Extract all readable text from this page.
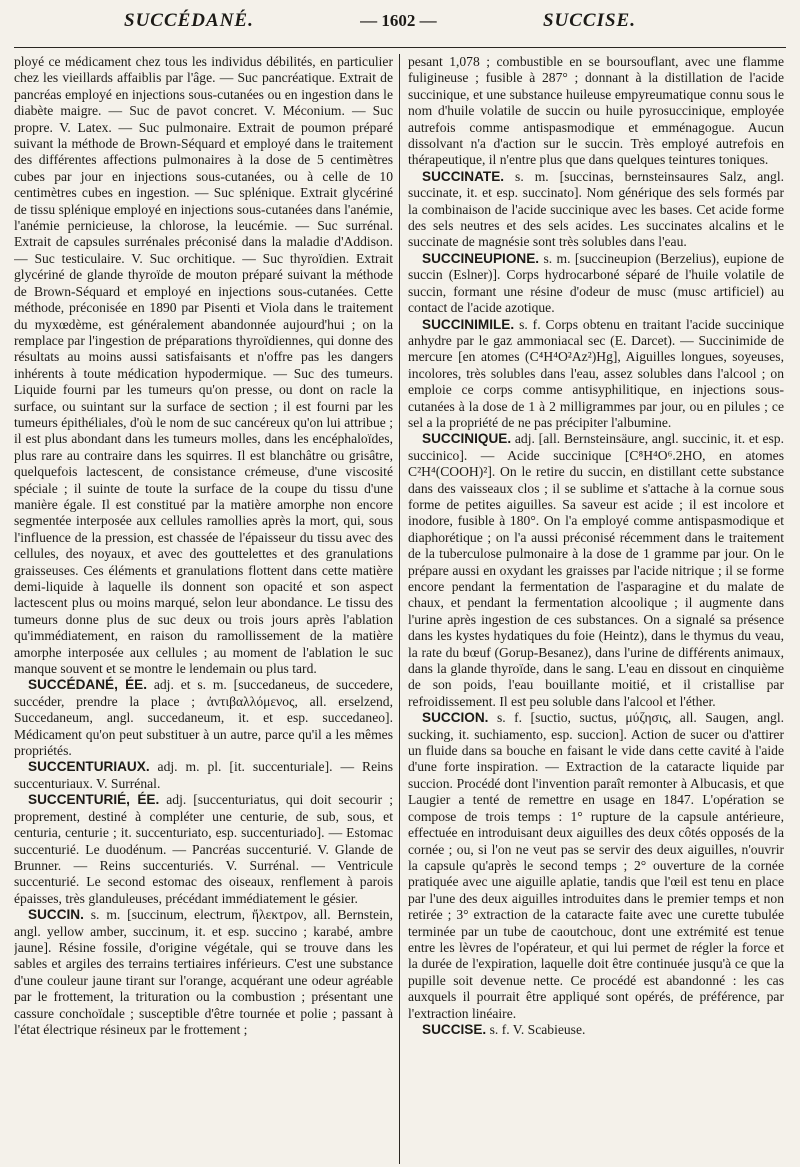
SUCCÉDANÉ.	— 1602 —	SUCCISE.

ployé ce médicament chez tous les individus débilités, en particulier chez les vieillards affaiblis par l'âge. — Suc pancréatique. Extrait de pancréas employé en injections sous-cutanées ou en ingestion dans le diabète maigre. — Suc de pavot concret. V. Méconium. — Suc propre. V. Latex. — Suc pulmonaire. Extrait de poumon préparé suivant la méthode de Brown-Séquard et employé dans le traitement des différentes affections pulmonaires à la dose de 5 centimètres cubes par jour en injections sous-cutanées, ou à celle de 10 centimètres cubes en ingestion. — Suc splénique. Extrait glycériné de tissu splénique employé en injections sous-cutanées dans l'anémie, l'anémie pernicieuse, la chlorose, la leucémie. — Suc surrénal. Extrait de capsules surrénales préconisé dans la maladie d'Addison. — Suc testiculaire. V. Suc orchitique. — Suc thyroïdien. Extrait glycériné de glande thyroïde de mouton préparé suivant la méthode de Brown-Séquard et employé en injections sous-cutanées. Cette méthode, préconisée en 1890 par Pisenti et Viola dans le traitement du myxœdème, est généralement abandonnée aujourd'hui ; on la remplace par l'ingestion de préparations thyroïdiennes, qui donne des résultats au moins aussi satisfaisants et n'offre pas les dangers inhérents à toute médication hypodermique. — Suc des tumeurs. Liquide fourni par les tumeurs qu'on presse, ou dont on racle la surface, ou suintant sur la surface de section ; il est fourni par les tumeurs épithéliales, d'où le nom de suc cancéreux qu'on lui attribue ; il est plus abondant dans les tumeurs molles, dans les encéphaloïdes, plus rare au contraire dans les squirres. Il est blanchâtre ou grisâtre, quelquefois lactescent, de consistance crémeuse, d'une viscosité spéciale ; il suinte de toute la surface de la coupe du tissu d'une manière égale. Il est constitué par la matière amorphe non encore segmentée interposée aux cellules ramollies après la mort, qui, sous l'influence de la pression, est chassée de l'épaisseur du tissu avec des cellules, des noyaux, et avec des gouttelettes et des granulations graisseuses. Ces éléments et granulations flottent dans cette matière demi-liquide à laquelle ils donnent son opacité et son aspect lactescent plus ou moins marqué, selon leur abondance. Le tissu des tumeurs donne plus de suc deux ou trois jours après l'ablation qu'immédiatement, en raison du ramollissement de la matière amorphe interposée aux cellules ; au moment de l'ablation le suc manque souvent et se montre le lendemain ou plus tard.

SUCCÉDANÉ, ÉE. adj. et s. m. [succedaneus, de succedere, succéder, prendre la place ; ἀντιβαλλόμενος, all. erselzend, Succedaneum, angl. succedaneum, it. et esp. succedaneo]. Médicament qu'on peut substituer à un autre, parce qu'il a les mêmes propriétés.

SUCCENTURIAUX. adj. m. pl. [it. succenturiale]. — Reins succenturiaux. V. Surrénal.

SUCCENTURIÉ, ÉE. adj. [succenturiatus, qui doit secourir ; proprement, destiné à compléter une centurie, de sub, sous, et centuria, centurie ; it. succenturiato, esp. succenturiado]. — Estomac succenturié. Le duodénum. — Pancréas succenturié. V. Glande de Brunner. — Reins succenturiés. V. Surrénal. — Ventricule succenturié. Le second estomac des oiseaux, renflement à parois épaisses, très glanduleuses, précédant immédiatement le gésier.

SUCCIN. s. m. [succinum, electrum, ἤλεκτρον, all. Bernstein, angl. yellow amber, succinum, it. et esp. succino ; karabé, ambre jaune]. Résine fossile, d'origine végétale, qui se trouve dans les sables et argiles des terrains tertiaires inférieurs. C'est une substance d'une couleur jaune tirant sur l'orange, acquérant une odeur agréable par le frottement, la trituration ou la combustion ; présentant une cassure conchoïdale ; susceptible d'être tournée et polie ; passant à l'état électrique résineux par le frottement ;

pesant 1,078 ; combustible en se boursouflant, avec une flamme fuligineuse ; fusible à 287° ; donnant à la distillation de l'acide succinique, et une substance huileuse empyreumatique connu sous le nom d'huile volatile de succin ou huile pyrosuccinique, employée autrefois comme antispasmodique et emménagogue. Aucun dissolvant n'a d'action sur le succin. Très employé autrefois en thérapeutique, il n'entre plus que dans quelques teintures toniques.

SUCCINATE. s. m. [succinas, bernsteinsaures Salz, angl. succinate, it. et esp. succinato]. Nom générique des sels formés par la combinaison de l'acide succinique avec les bases. Cet acide forme des sels neutres et des sels acides. Les succinates alcalins et le succinate de magnésie sont très solubles dans l'eau.

SUCCINEUPIONE. s. m. [succineupion (Berzelius), eupione de succin (Eslner)]. Corps hydrocarboné séparé de l'huile volatile de succin, formant une résine d'odeur de musc (musc artificiel) au contact de l'acide azotique.

SUCCINIMILE. s. f. Corps obtenu en traitant l'acide succinique anhydre par le gaz ammoniacal sec (E. Darcet). — Succinimide de mercure [en atomes (C⁴H⁴O²Az²)Hg], Aiguilles longues, soyeuses, incolores, très solubles dans l'eau, assez solubles dans l'alcool ; on emploie ce corps comme antisyphilitique, en injections sous-cutanées à la dose de 1 à 2 milligrammes par jour, ou en pilules ; ce sel a la propriété de ne pas précipiter l'albumine.

SUCCINIQUE. adj. [all. Bernsteinsäure, angl. succinic, it. et esp. succinico]. — Acide succinique [C⁸H⁴O⁶.2HO, en atomes C²H⁴(COOH)²]. On le retire du succin, en distillant cette substance dans des vaisseaux clos ; il se sublime et s'attache à la cornue sous forme de petites aiguilles. Sa saveur est acide ; il est incolore et inodore, fusible à 180°. On l'a employé comme antispasmodique et diaphorétique ; on l'a aussi préconisé récemment dans le traitement de la tuberculose pulmonaire à la dose de 1 gramme par jour. On le prépare aussi en oxydant les graisses par l'acide nitrique ; il se forme encore pendant la fermentation de l'asparagine et du malate de chaux, et pendant la fermentation alcoolique ; il augmente dans l'urine après ingestion de ces substances. On a signalé sa présence dans les kystes hydatiques du foie (Heintz), dans le thymus du veau, la rate du bœuf (Gorup-Besanez), dans l'urine de différents animaux, dans la glande thyroïde, dans le sang. L'eau en dissout en cinquième de son poids, l'eau bouillante moitié, et il cristallise par refroidissement. Il est peu soluble dans l'alcool et l'éther.

SUCCION. s. f. [suctio, suctus, μύζησις, all. Saugen, angl. sucking, it. suchiamento, esp. succion]. Action de sucer ou d'attirer un fluide dans sa bouche en faisant le vide dans cette cavité à l'aide d'une forte inspiration. — Extraction de la cataracte liquide par succion. Procédé dont l'invention paraît remonter à Albucasis, et que Laugier a tenté de remettre en usage en 1847. L'opération se compose de trois temps : 1° rupture de la capsule antérieure, effectuée en introduisant deux aiguilles des deux côtés opposés de la cornée ; ou, si l'on ne veut pas se servir des deux aiguilles, n'ouvrir la capsule qu'après le second temps ; 2° ouverture de la cornée pratiquée avec une aiguille aplatie, tandis que l'œil est tenu en place par l'une des deux aiguilles introduites dans le premier temps et non retirée ; 3° extraction de la cataracte faite avec une curette tubulée terminée par un tube de caoutchouc, dont une extrémité est tenue entre les lèvres de l'opérateur, et qui lui permet de régler la force et la durée de l'expiration, laquelle doit être continuée jusqu'à ce que la pupille soit devenue nette. Ce procédé est abandonné : les cas auxquels il pourrait être appliqué sont opérés, de préférence, par l'extraction linéaire.

SUCCISE. s. f. V. Scabieuse.
